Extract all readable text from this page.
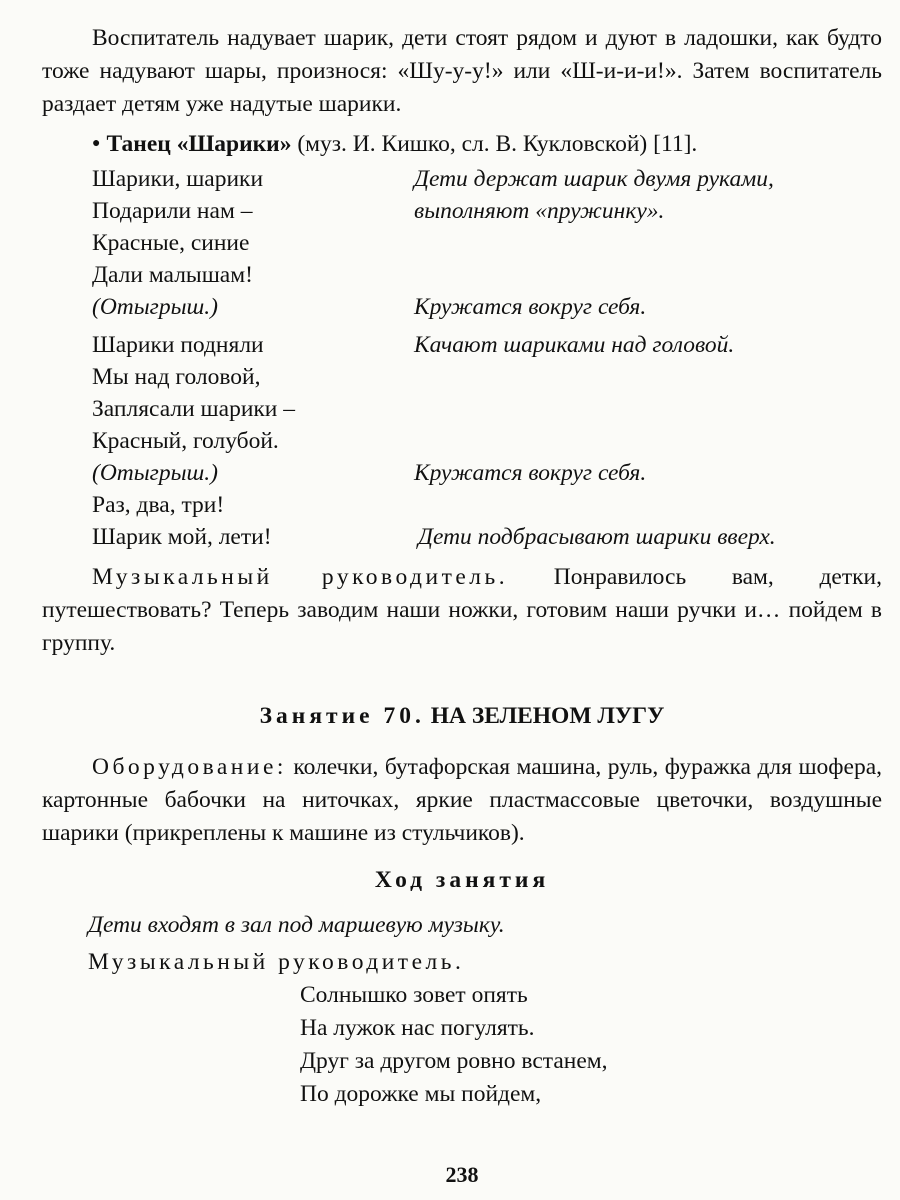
Воспитатель надувает шарик, дети стоят рядом и дуют в ладошки, как будто тоже надувают шары, произнося: «Шу-у-у!» или «Ш-и-и-и!». Затем воспитатель раздает детям уже надутые шарики.

● Танец «Шарики» (муз. И. Кишко, сл. В. Кукловской) [11].
Шарики, шарики	Дети держат шарик двумя руками,
Подарили нам –	выполняют «пружинку».
Красные, синие
Дали малышам!
(Отыгрыш.)	Кружатся вокруг себя.
Шарики подняли	Качают шариками над головой.
Мы над головой,
Заплясали шарики –
Красный, голубой.
(Отыгрыш.)	Кружатся вокруг себя.
Раз, два, три!
Шарик мой, лети!	Дети подбрасывают шарики вверх.

Музыкальный руководитель. Понравилось вам, детки, путешествовать? Теперь заводим наши ножки, готовим наши ручки и… пойдем в группу.

Занятие 70. НА ЗЕЛЕНОМ ЛУГУ

Оборудование: колечки, бутафорская машина, руль, фуражка для шофера, картонные бабочки на ниточках, яркие пластмассовые цветочки, воздушные шарики (прикреплены к машине из стульчиков).

Ход занятия
Дети входят в зал под маршевую музыку.
Музыкальный руководитель.
Солнышко зовет опять
На лужок нас погулять.
Друг за другом ровно встанем,
По дорожке мы пойдем,
238
